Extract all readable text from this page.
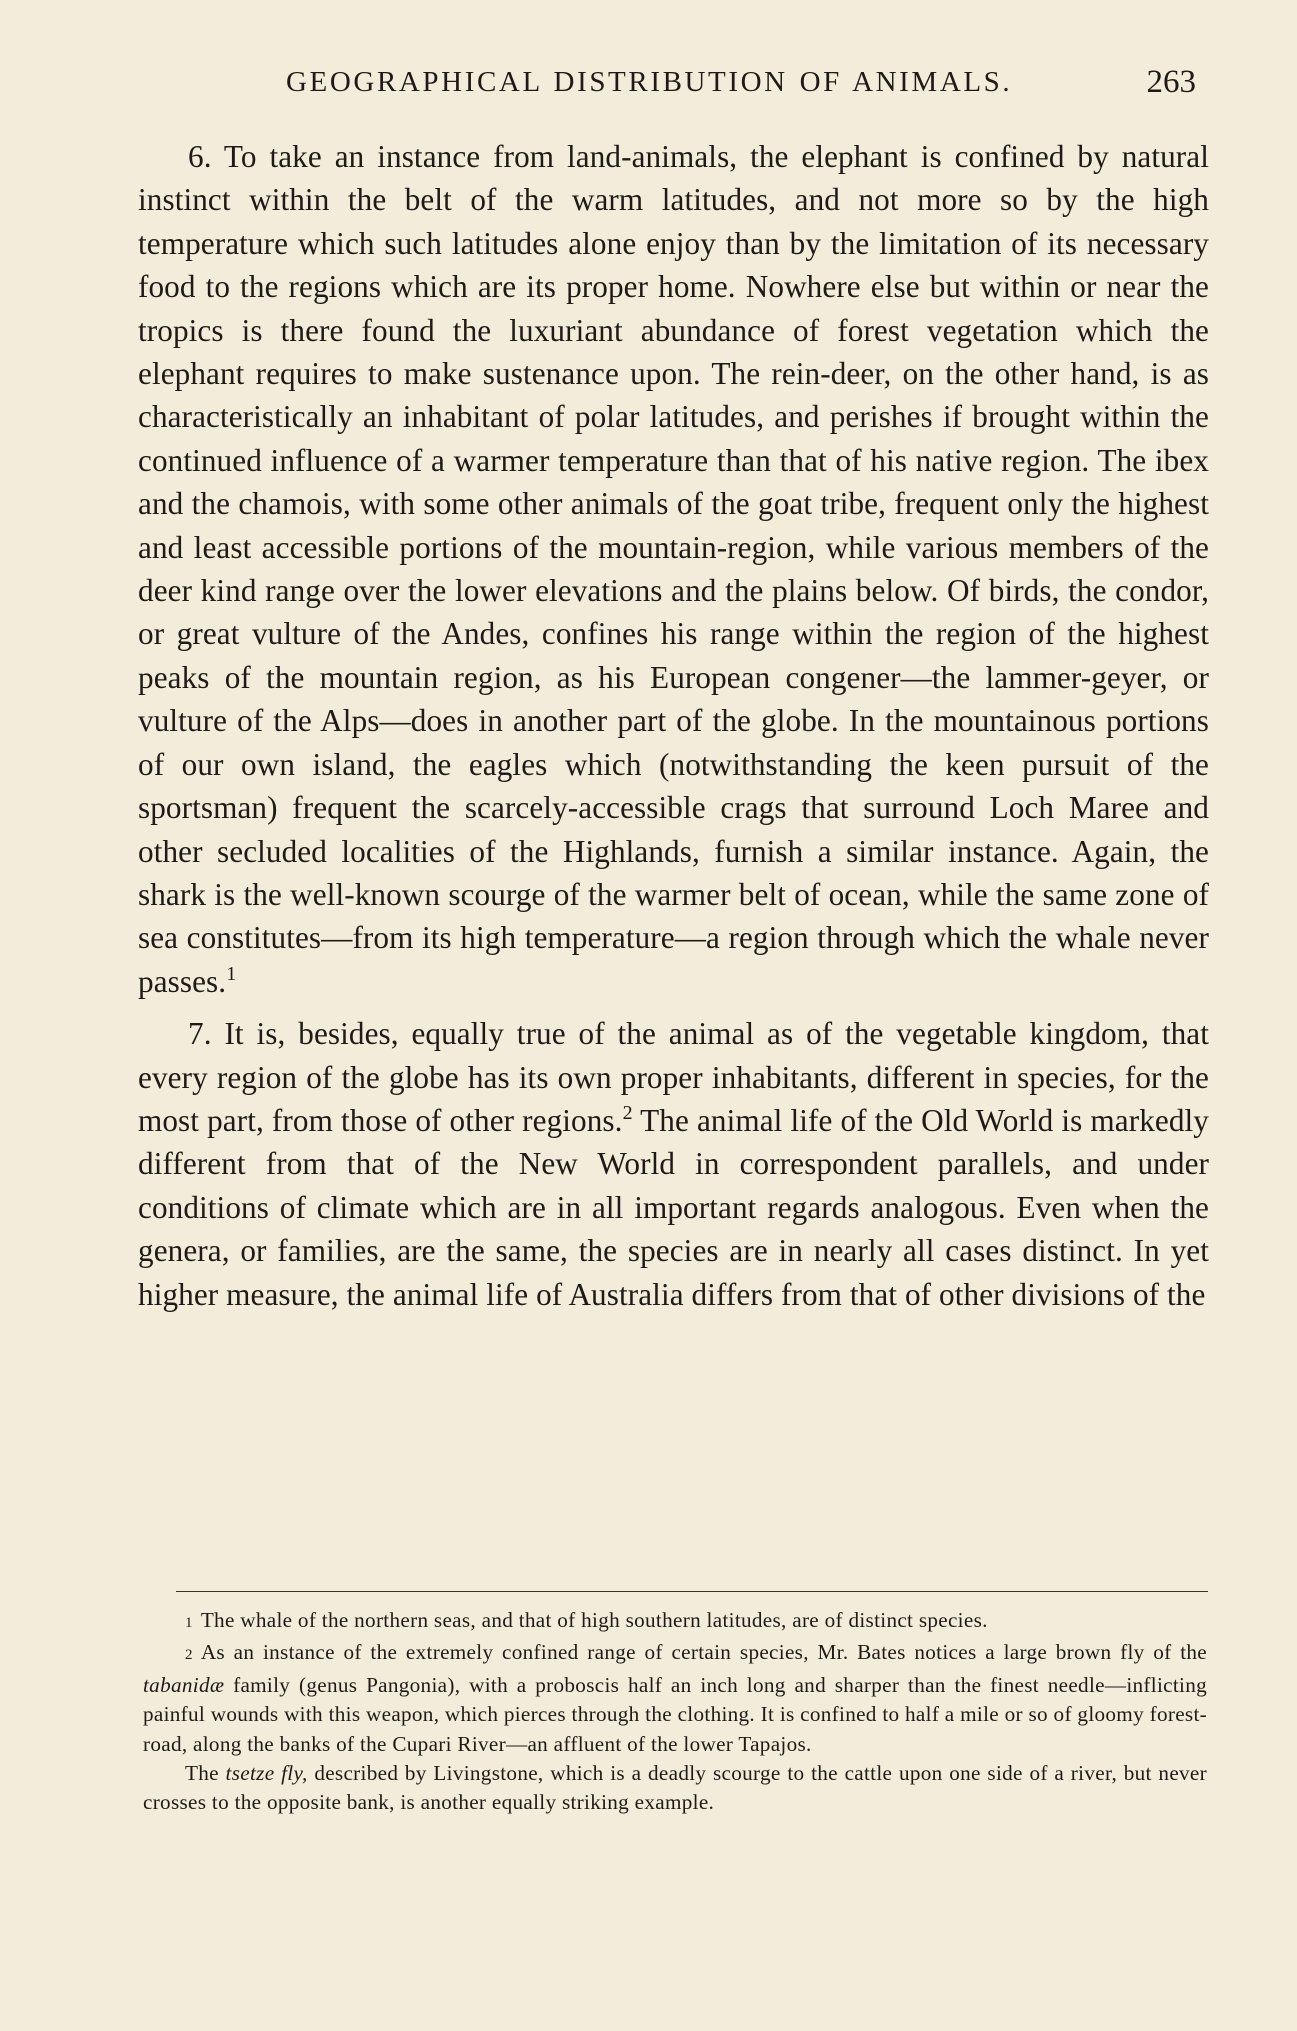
GEOGRAPHICAL DISTRIBUTION OF ANIMALS.	263

6. To take an instance from land-animals, the elephant is confined by natural instinct within the belt of the warm latitudes, and not more so by the high temperature which such latitudes alone enjoy than by the limitation of its necessary food to the regions which are its proper home. Nowhere else but within or near the tropics is there found the luxuriant abundance of forest vegetation which the elephant requires to make sustenance upon. The rein-deer, on the other hand, is as characteristically an inhabitant of polar latitudes, and perishes if brought within the continued influence of a warmer temperature than that of his native region. The ibex and the chamois, with some other animals of the goat tribe, frequent only the highest and least accessible portions of the mountain-region, while various members of the deer kind range over the lower elevations and the plains below. Of birds, the condor, or great vulture of the Andes, confines his range within the region of the highest peaks of the mountain region, as his European congener—the lammer-geyer, or vulture of the Alps—does in another part of the globe. In the mountainous portions of our own island, the eagles which (notwithstanding the keen pursuit of the sportsman) frequent the scarcely-accessible crags that surround Loch Maree and other secluded localities of the Highlands, furnish a similar instance. Again, the shark is the well-known scourge of the warmer belt of ocean, while the same zone of sea constitutes—from its high temperature—a region through which the whale never passes.$^1$

7. It is, besides, equally true of the animal as of the vegetable kingdom, that every region of the globe has its own proper inhabitants, different in species, for the most part, from those of other regions.$^2$ The animal life of the Old World is markedly different from that of the New World in correspondent parallels, and under conditions of climate which are in all important regards analogous. Even when the genera, or families, are the same, the species are in nearly all cases distinct. In yet higher measure, the animal life of Australia differs from that of other divisions of the

1 The whale of the northern seas, and that of high southern latitudes, are of distinct species.

2 As an instance of the extremely confined range of certain species, Mr. Bates notices a large brown fly of the tabanidæ family (genus Pangonia), with a proboscis half an inch long and sharper than the finest needle—inflicting painful wounds with this weapon, which pierces through the clothing. It is confined to half a mile or so of gloomy forest-road, along the banks of the Cupari River—an affluent of the lower Tapajos.

The tsetze fly, described by Livingstone, which is a deadly scourge to the cattle upon one side of a river, but never crosses to the opposite bank, is another equally striking example.
